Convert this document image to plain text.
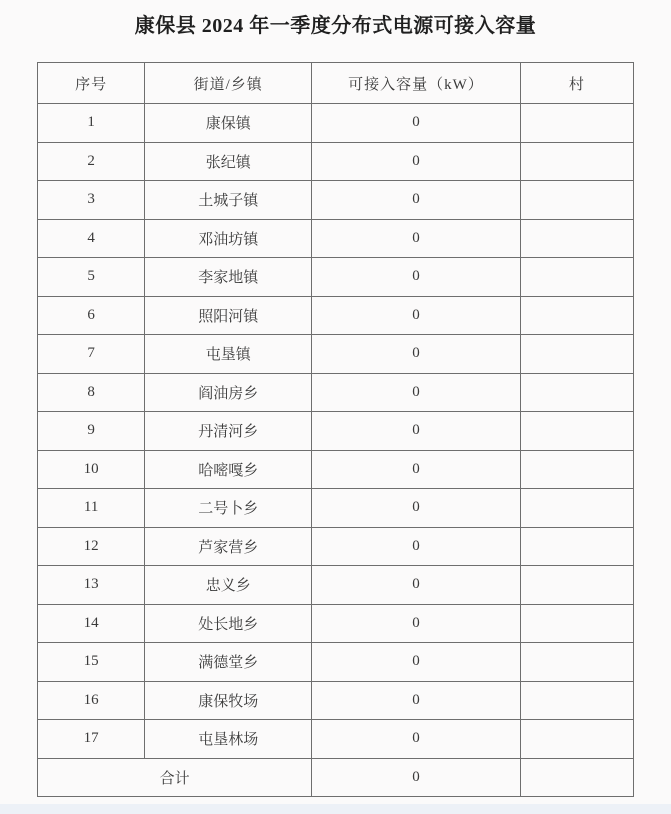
康保县 2024 年一季度分布式电源可接入容量
序号	街道/乡镇	可接入容量（kW）	村
1	康保镇	0	
2	张纪镇	0	
3	土城子镇	0	
4	邓油坊镇	0	
5	李家地镇	0	
6	照阳河镇	0	
7	屯垦镇	0	
8	阎油房乡	0	
9	丹清河乡	0	
10	哈嘧嘎乡	0	
11	二号卜乡	0	
12	芦家营乡	0	
13	忠义乡	0	
14	处长地乡	0	
15	满德堂乡	0	
16	康保牧场	0	
17	屯垦林场	0	
合计		0	
